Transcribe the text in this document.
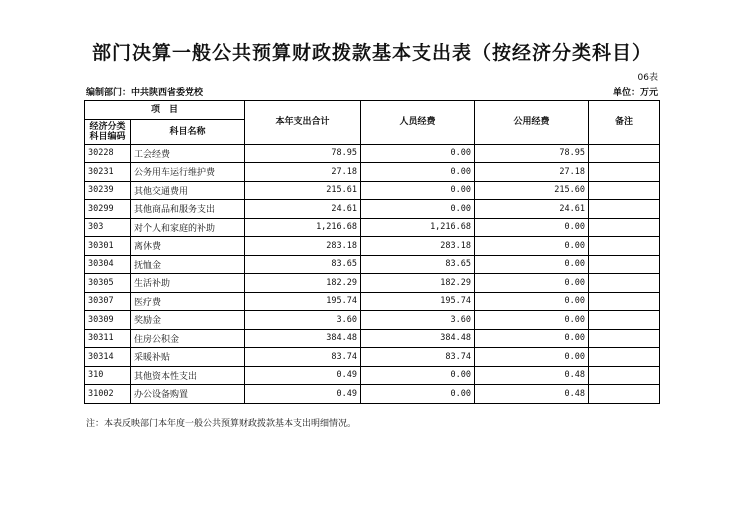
部门决算一般公共预算财政拨款基本支出表（按经济分类科目）
06表
编制部门：中共陕西省委党校	单位：万元
项　目		本年支出合计	人员经费	公用经费	备注
经济分类科目编码	科目名称				
30228	工会经费	78.95	0.00	78.95	
30231	公务用车运行维护费	27.18	0.00	27.18	
30239	其他交通费用	215.61	0.00	215.60	
30299	其他商品和服务支出	24.61	0.00	24.61	
303	对个人和家庭的补助	1,216.68	1,216.68	0.00	
30301	离休费	283.18	283.18	0.00	
30304	抚恤金	83.65	83.65	0.00	
30305	生活补助	182.29	182.29	0.00	
30307	医疗费	195.74	195.74	0.00	
30309	奖励金	3.60	3.60	0.00	
30311	住房公积金	384.48	384.48	0.00	
30314	采暖补贴	83.74	83.74	0.00	
310	其他资本性支出	0.49	0.00	0.48	
31002	办公设备购置	0.49	0.00	0.48	
注：本表反映部门本年度一般公共预算财政拨款基本支出明细情况。
